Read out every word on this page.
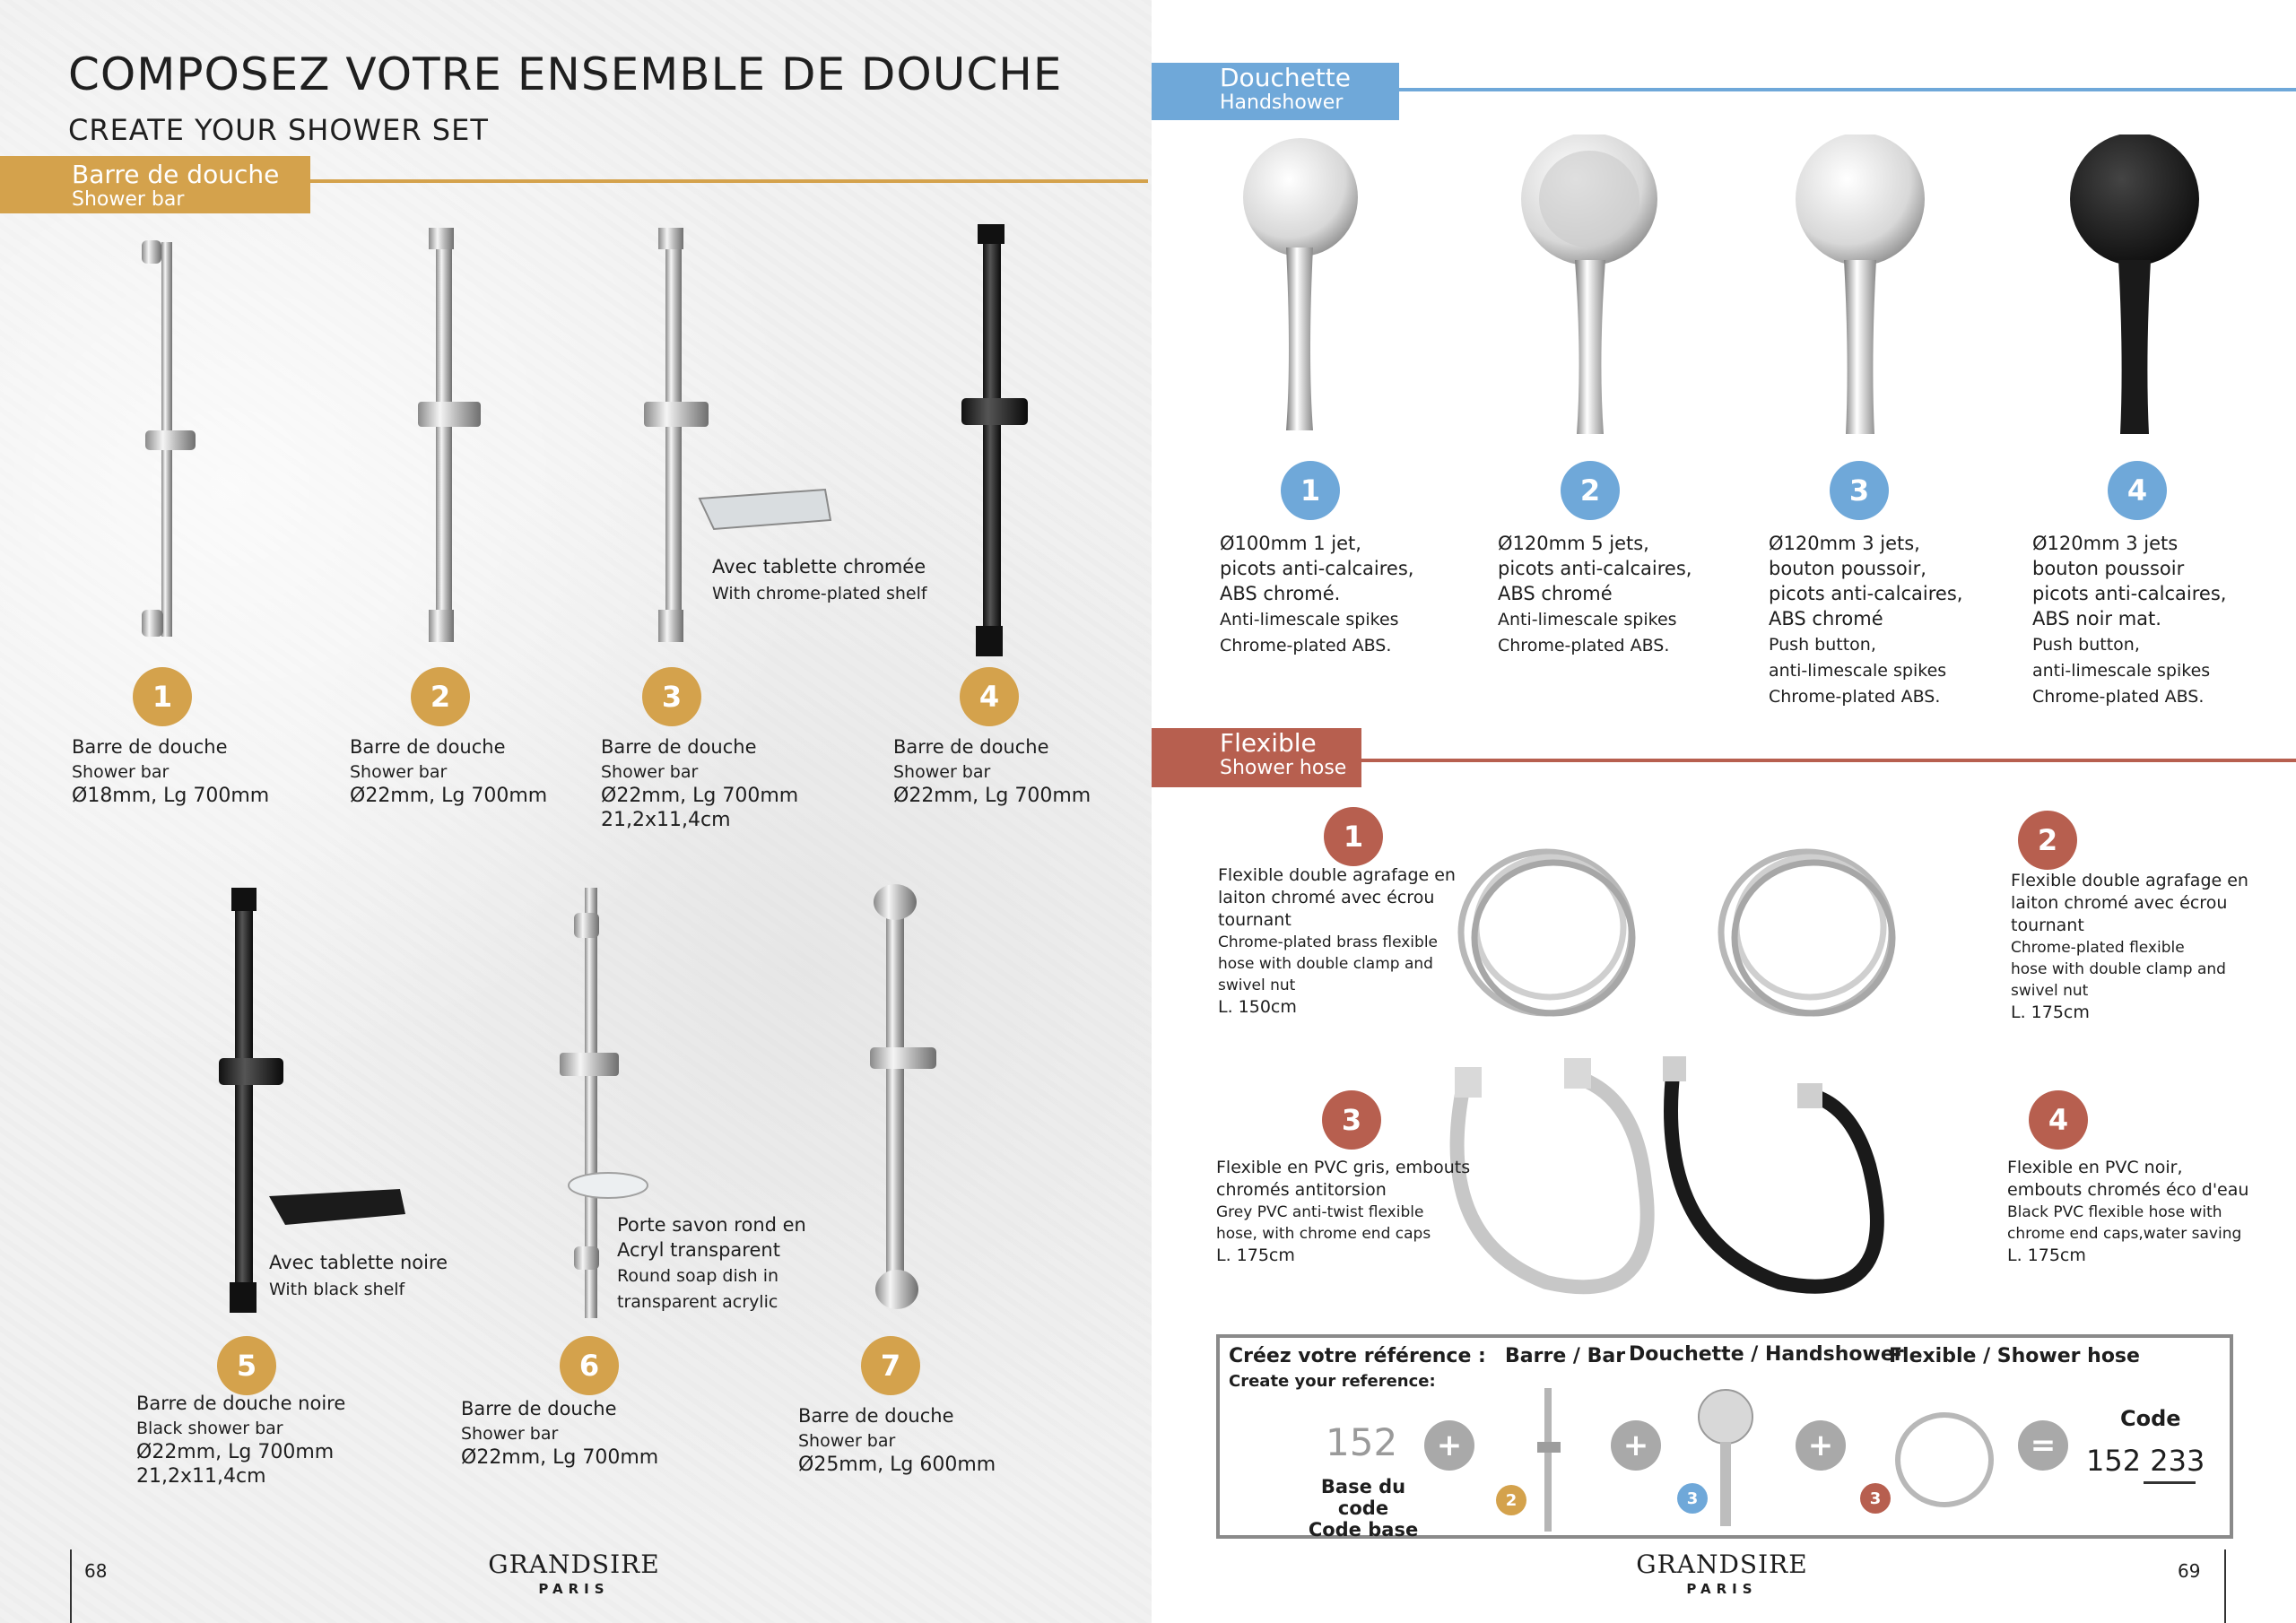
COMPOSEZ VOTRE ENSEMBLE DE DOUCHE
CREATE YOUR SHOWER SET
Barre de douche
Shower bar
Avec tablette chromée
With chrome-plated shelf
Avec tablette noire
With black shelf
Porte savon rond en
Acryl transparent
Round soap dish in
transparent acrylic
1	2	3	4
5	6	7
Barre de douche
Shower bar
Ø18mm, Lg 700mm
Barre de douche
Shower bar
Ø22mm, Lg 700mm
Barre de douche
Shower bar
Ø22mm, Lg 700mm
21,2x11,4cm
Barre de douche
Shower bar
Ø22mm, Lg 700mm
Barre de douche noire
Black shower bar
Ø22mm, Lg 700mm
21,2x11,4cm
Barre de douche
Shower bar
Ø22mm, Lg 700mm
Barre de douche
Shower bar
Ø25mm, Lg 600mm
68	GRANDSIRE
PARIS
Douchette
Handshower
1	2	3	4
Ø100mm 1 jet,
picots anti-calcaires,
ABS chromé.
Anti-limescale spikes
Chrome-plated ABS.
Ø120mm 5 jets,
picots anti-calcaires,
ABS chromé
Anti-limescale spikes
Chrome-plated ABS.
Ø120mm 3 jets,
bouton poussoir,
picots anti-calcaires,
ABS chromé
Push button,
anti-limescale spikes
Chrome-plated ABS.
Ø120mm 3 jets
bouton poussoir
picots anti-calcaires,
ABS noir mat.
Push button,
anti-limescale spikes
Chrome-plated ABS.
Flexible
Shower hose
1	2
3	4
Flexible double agrafage en
laiton chromé avec écrou
tournant
Chrome-plated brass flexible
hose with double clamp and
swivel nut
L. 150cm
Flexible double agrafage en
laiton chromé avec écrou
tournant
Chrome-plated flexible
hose with double clamp and
swivel nut
L. 175cm
Flexible en PVC gris, embouts
chromés antitorsion
Grey PVC anti-twist flexible
hose, with chrome end caps
L. 175cm
Flexible en PVC noir,
embouts chromés éco d'eau
Black PVC flexible hose with
chrome end caps,water saving
L. 175cm
Créez votre référence :
Create your reference:
Barre / Bar Douchette / Handshower
Flexible / Shower hose
152
Base du code
Code base
+	+	+	=
2	3	3
Code
152 233
GRANDSIRE
PARIS
69
